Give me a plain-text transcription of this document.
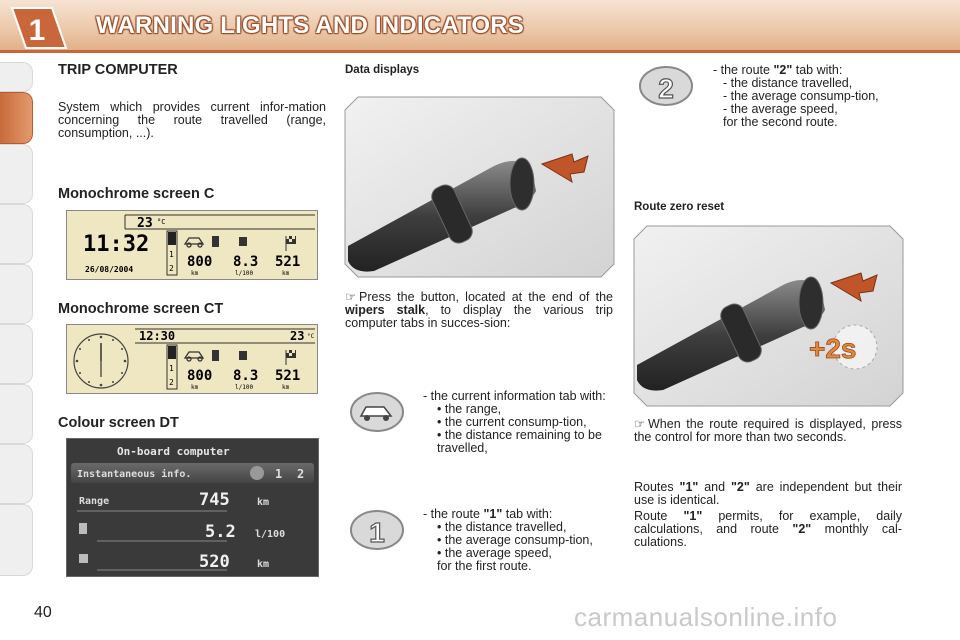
1 WARNING LIGHTS AND INDICATORS
TRIP COMPUTER
System which provides current infor-mation concerning the route travelled (range, consumption, ...).
Monochrome screen C
23 °C
11:32
26/08/2004
1
2 800
km
8.3
l/100
521
km
Monochrome screen CT
12:30	23 °C
1
2 800
km
8.3
l/100
521
km
Colour screen DT
On-board computer
Instantaneous info.	1 2
Range	745	km
5.2 l/100
520	km
Data displays
☞ Press the button, located at the end of the wipers stalk, to display the various trip computer tabs in succes-sion:
- the current information tab with:
• the range,
• the current consump-tion,
• the distance remaining to be travelled,
1
- the route "1" tab with:
• the distance travelled,
• the average consump-tion,
• the average speed,
for the first route.
2
- the route "2" tab with:
- the distance travelled,
- the average consump-tion,
- the average speed,
for the second route.
Route zero reset
+2s
☞ When the route required is displayed, press the control for more than two seconds.
Routes "1" and "2" are independent but their use is identical.
Route "1" permits, for example, daily calculations, and route "2" monthly cal-culations.
40	carmanualsonline.info
